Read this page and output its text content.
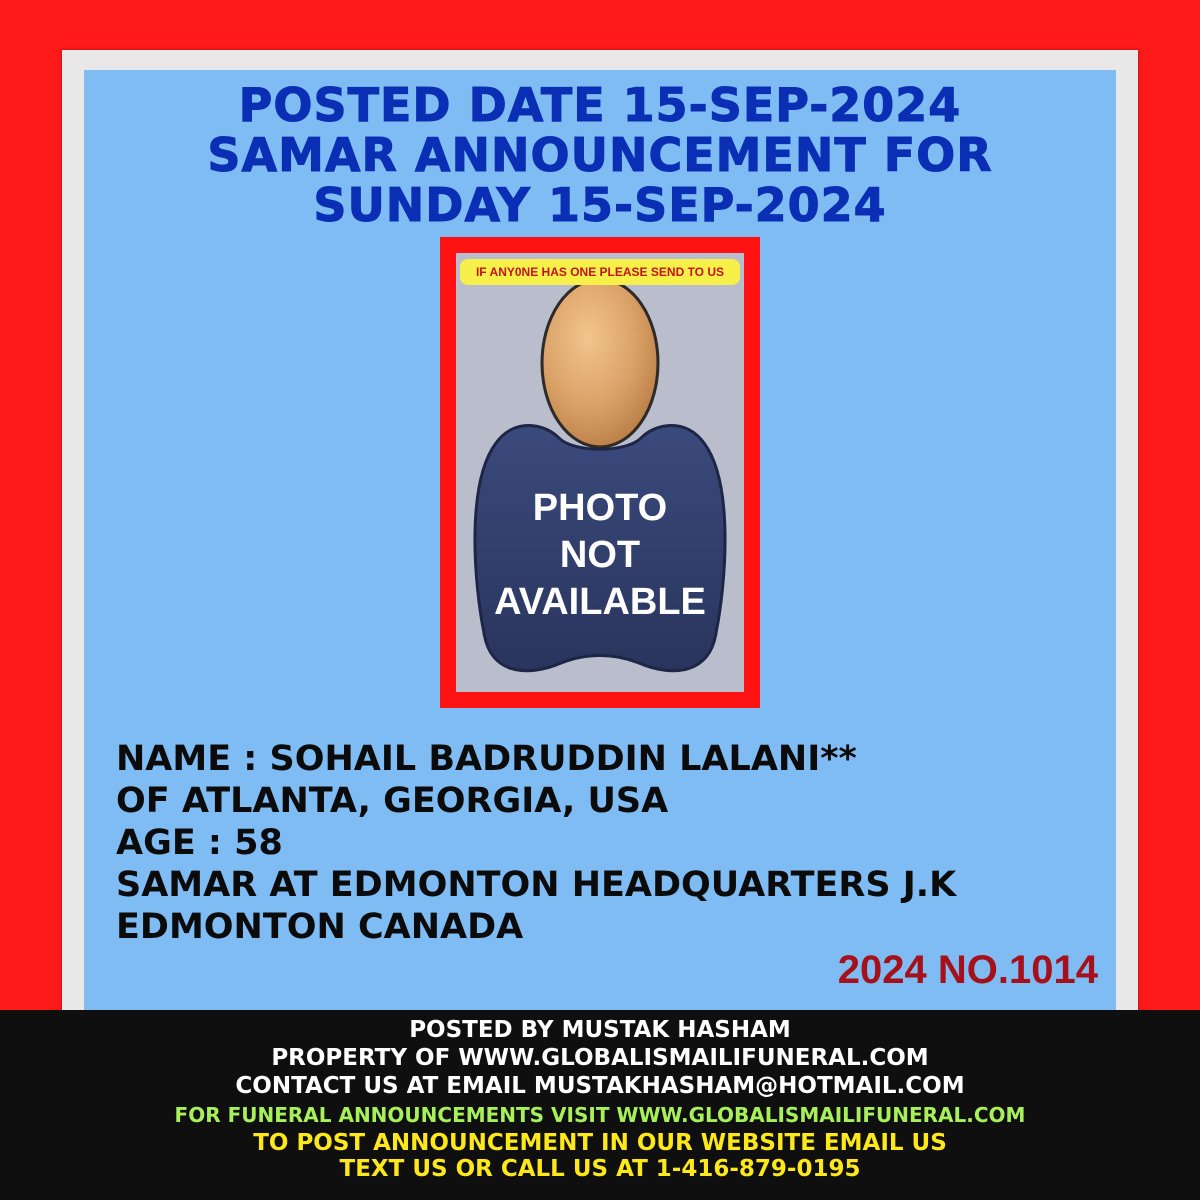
POSTED DATE 15-SEP-2024
SAMAR ANNOUNCEMENT FOR
SUNDAY 15-SEP-2024
IF ANY0NE HAS ONE PLEASE SEND TO US
PHOTO
NOT
AVAILABLE
NAME : SOHAIL BADRUDDIN LALANI**
OF ATLANTA, GEORGIA, USA
AGE : 58
SAMAR AT EDMONTON HEADQUARTERS J.K
EDMONTON CANADA
2024 NO.1014
POSTED BY MUSTAK HASHAM
PROPERTY OF WWW.GLOBALISMAILIFUNERAL.COM
CONTACT US AT EMAIL MUSTAKHASHAM@HOTMAIL.COM
FOR FUNERAL ANNOUNCEMENTS VISIT WWW.GLOBALISMAILIFUNERAL.COM
TO POST ANNOUNCEMENT IN OUR WEBSITE EMAIL US
TEXT US OR CALL US AT 1-416-879-0195
